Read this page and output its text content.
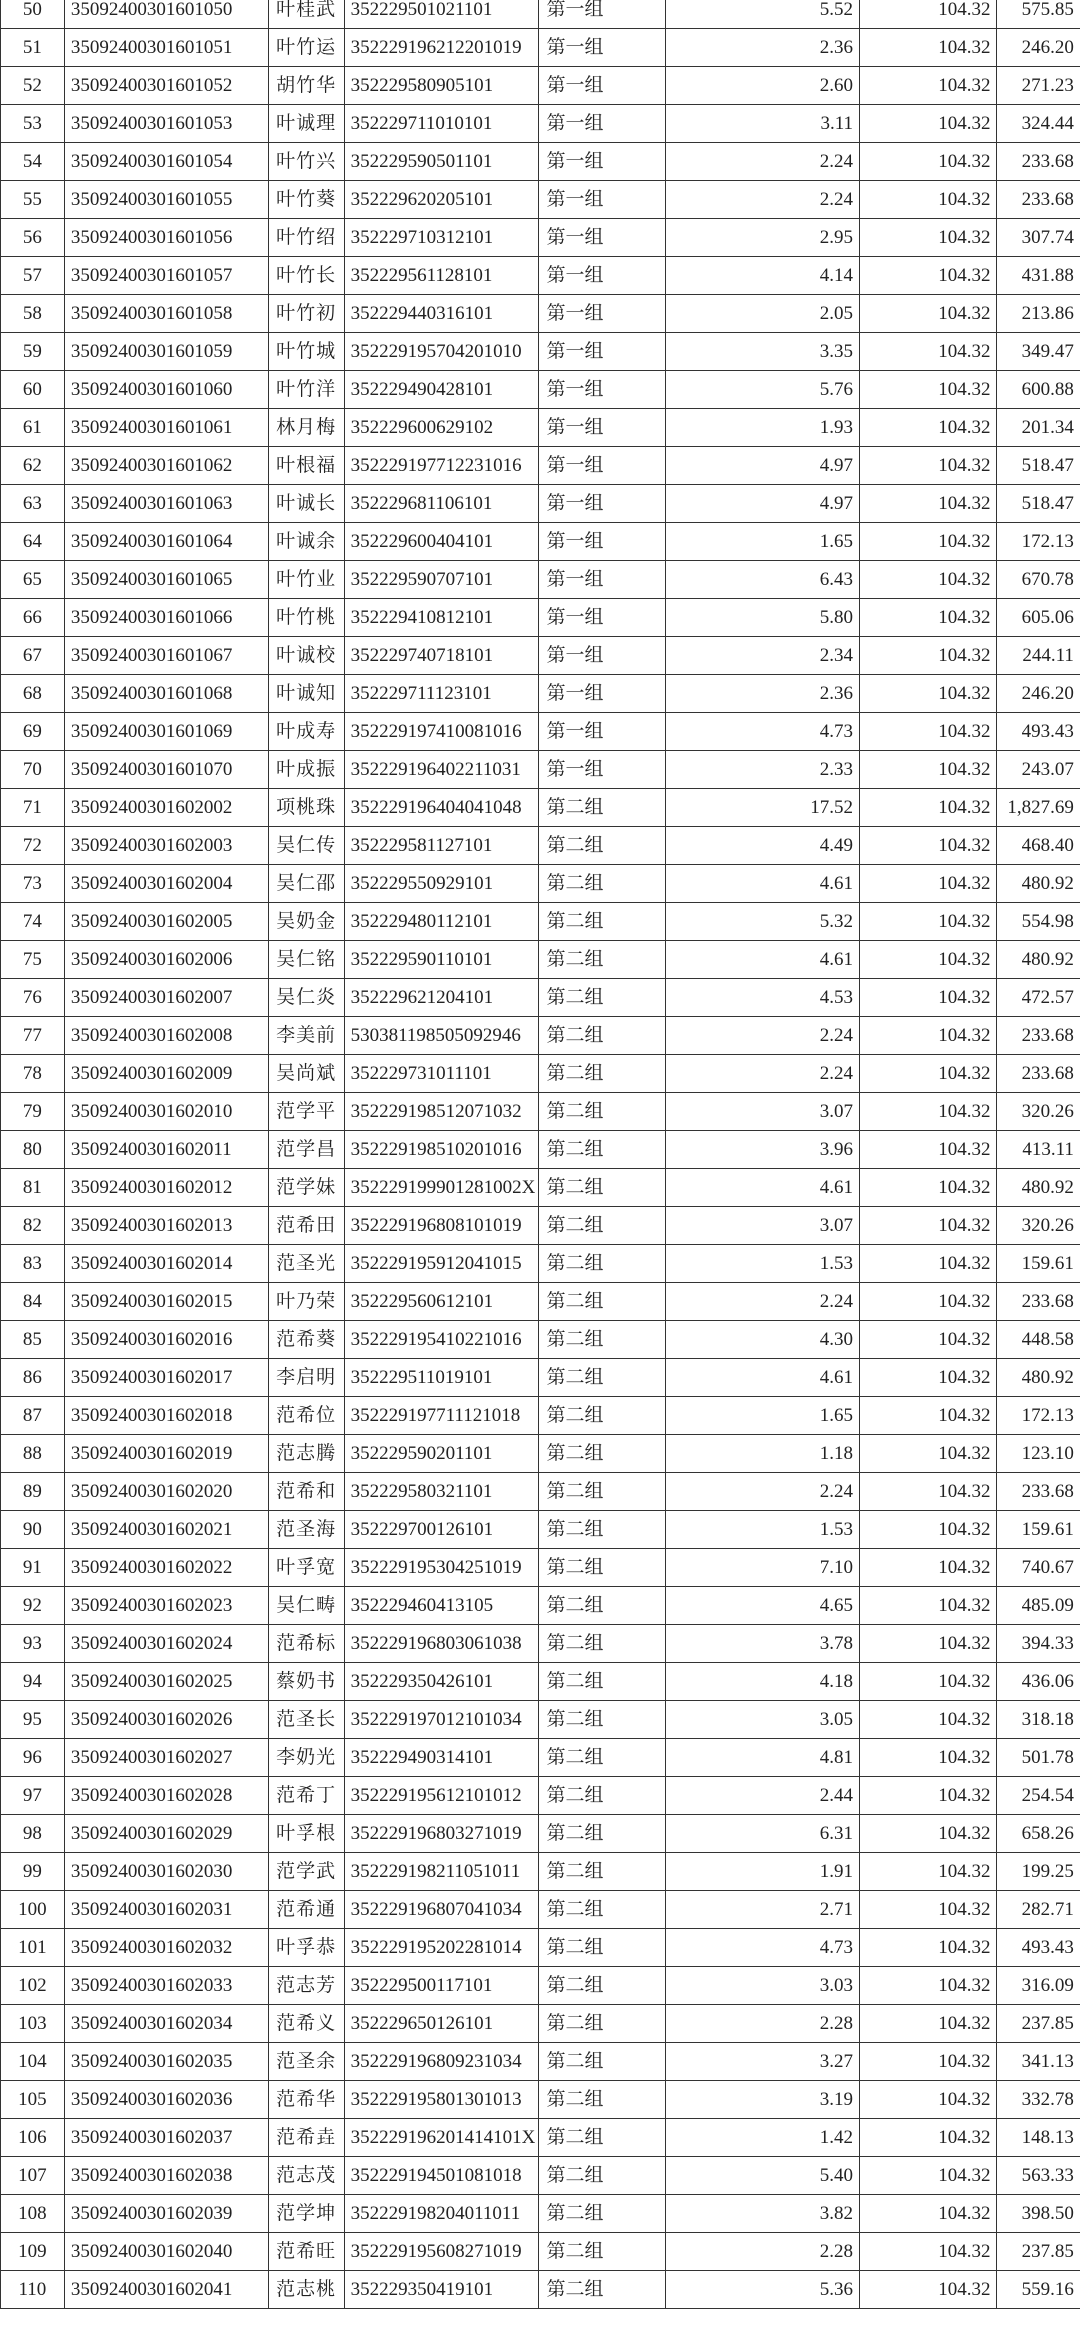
50	35092400301601050	叶桂武	352229501021101	第一组	5.52	104.32	575.85
51	35092400301601051	叶竹运	352229196212201019	第一组	2.36	104.32	246.20
52	35092400301601052	胡竹华	352229580905101	第一组	2.60	104.32	271.23
53	35092400301601053	叶诚理	352229711010101	第一组	3.11	104.32	324.44
54	35092400301601054	叶竹兴	352229590501101	第一组	2.24	104.32	233.68
55	35092400301601055	叶竹葵	352229620205101	第一组	2.24	104.32	233.68
56	35092400301601056	叶竹绍	352229710312101	第一组	2.95	104.32	307.74
57	35092400301601057	叶竹长	352229561128101	第一组	4.14	104.32	431.88
58	35092400301601058	叶竹初	352229440316101	第一组	2.05	104.32	213.86
59	35092400301601059	叶竹城	352229195704201010	第一组	3.35	104.32	349.47
60	35092400301601060	叶竹洋	352229490428101	第一组	5.76	104.32	600.88
61	35092400301601061	林月梅	352229600629102	第一组	1.93	104.32	201.34
62	35092400301601062	叶根福	352229197712231016	第一组	4.97	104.32	518.47
63	35092400301601063	叶诚长	352229681106101	第一组	4.97	104.32	518.47
64	35092400301601064	叶诚余	352229600404101	第一组	1.65	104.32	172.13
65	35092400301601065	叶竹业	352229590707101	第一组	6.43	104.32	670.78
66	35092400301601066	叶竹桃	352229410812101	第一组	5.80	104.32	605.06
67	35092400301601067	叶诚校	352229740718101	第一组	2.34	104.32	244.11
68	35092400301601068	叶诚知	352229711123101	第一组	2.36	104.32	246.20
69	35092400301601069	叶成寿	352229197410081016	第一组	4.73	104.32	493.43
70	35092400301601070	叶成振	352229196402211031	第一组	2.33	104.32	243.07
71	35092400301602002	项桃珠	352229196404041048	第二组	17.52	104.32	1,827.69
72	35092400301602003	吴仁传	352229581127101	第二组	4.49	104.32	468.40
73	35092400301602004	吴仁邵	352229550929101	第二组	4.61	104.32	480.92
74	35092400301602005	吴奶金	352229480112101	第二组	5.32	104.32	554.98
75	35092400301602006	吴仁铭	352229590110101	第二组	4.61	104.32	480.92
76	35092400301602007	吴仁炎	352229621204101	第二组	4.53	104.32	472.57
77	35092400301602008	李美前	530381198505092946	第二组	2.24	104.32	233.68
78	35092400301602009	吴尚斌	352229731011101	第二组	2.24	104.32	233.68
79	35092400301602010	范学平	352229198512071032	第二组	3.07	104.32	320.26
80	35092400301602011	范学昌	352229198510201016	第二组	3.96	104.32	413.11
81	35092400301602012	范学妹	352229199901281002X	第二组	4.61	104.32	480.92
82	35092400301602013	范希田	352229196808101019	第二组	3.07	104.32	320.26
83	35092400301602014	范圣光	352229195912041015	第二组	1.53	104.32	159.61
84	35092400301602015	叶乃荣	352229560612101	第二组	2.24	104.32	233.68
85	35092400301602016	范希葵	352229195410221016	第二组	4.30	104.32	448.58
86	35092400301602017	李启明	352229511019101	第二组	4.61	104.32	480.92
87	35092400301602018	范希位	352229197711121018	第二组	1.65	104.32	172.13
88	35092400301602019	范志腾	352229590201101	第二组	1.18	104.32	123.10
89	35092400301602020	范希和	352229580321101	第二组	2.24	104.32	233.68
90	35092400301602021	范圣海	352229700126101	第二组	1.53	104.32	159.61
91	35092400301602022	叶孚宽	352229195304251019	第二组	7.10	104.32	740.67
92	35092400301602023	吴仁畴	352229460413105	第二组	4.65	104.32	485.09
93	35092400301602024	范希标	352229196803061038	第二组	3.78	104.32	394.33
94	35092400301602025	蔡奶书	352229350426101	第二组	4.18	104.32	436.06
95	35092400301602026	范圣长	352229197012101034	第二组	3.05	104.32	318.18
96	35092400301602027	李奶光	352229490314101	第二组	4.81	104.32	501.78
97	35092400301602028	范希丁	352229195612101012	第二组	2.44	104.32	254.54
98	35092400301602029	叶孚根	352229196803271019	第二组	6.31	104.32	658.26
99	35092400301602030	范学武	352229198211051011	第二组	1.91	104.32	199.25
100	35092400301602031	范希通	352229196807041034	第二组	2.71	104.32	282.71
101	35092400301602032	叶孚恭	352229195202281014	第二组	4.73	104.32	493.43
102	35092400301602033	范志芳	352229500117101	第二组	3.03	104.32	316.09
103	35092400301602034	范希义	352229650126101	第二组	2.28	104.32	237.85
104	35092400301602035	范圣余	352229196809231034	第二组	3.27	104.32	341.13
105	35092400301602036	范希华	352229195801301013	第二组	3.19	104.32	332.78
106	35092400301602037	范希垚	352229196201414101X	第二组	1.42	104.32	148.13
107	35092400301602038	范志茂	352229194501081018	第二组	5.40	104.32	563.33
108	35092400301602039	范学坤	352229198204011011	第二组	3.82	104.32	398.50
109	35092400301602040	范希旺	352229195608271019	第二组	2.28	104.32	237.85
110	35092400301602041	范志桃	352229350419101	第二组	5.36	104.32	559.16
